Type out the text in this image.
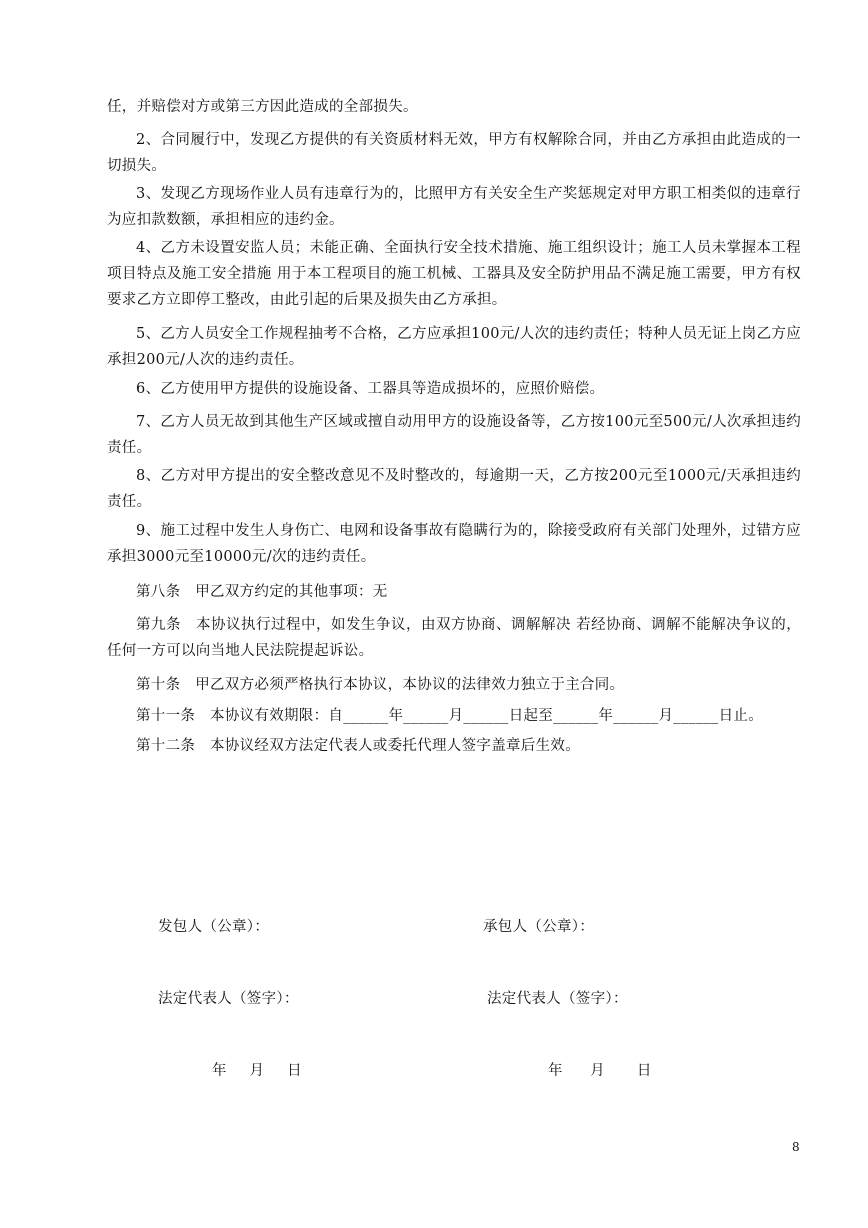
任，并赔偿对方或第三方因此造成的全部损失。

2、合同履行中，发现乙方提供的有关资质材料无效，甲方有权解除合同，并由乙方承担由此造成的一切损失。

3、发现乙方现场作业人员有违章行为的，比照甲方有关安全生产奖惩规定对甲方职工相类似的违章行为应扣款数额，承担相应的违约金。

4、乙方未设置安监人员；未能正确、全面执行安全技术措施、施工组织设计；施工人员未掌握本工程项目特点及施工安全措施 用于本工程项目的施工机械、工器具及安全防护用品不满足施工需要，甲方有权要求乙方立即停工整改，由此引起的后果及损失由乙方承担。

5、乙方人员安全工作规程抽考不合格，乙方应承担100元/人次的违约责任；特种人员无证上岗乙方应承担200元/人次的违约责任。

6、乙方使用甲方提供的设施设备、工器具等造成损坏的，应照价赔偿。

7、乙方人员无故到其他生产区域或擅自动用甲方的设施设备等，乙方按100元至500元/人次承担违约责任。

8、乙方对甲方提出的安全整改意见不及时整改的，每逾期一天，乙方按200元至1000元/天承担违约责任。

9、施工过程中发生人身伤亡、电网和设备事故有隐瞒行为的，除接受政府有关部门处理外，过错方应承担3000元至10000元/次的违约责任。

第八条　甲乙双方约定的其他事项：无

第九条　本协议执行过程中，如发生争议，由双方协商、调解解决 若经协商、调解不能解决争议的，任何一方可以向当地人民法院提起诉讼。

第十条　甲乙双方必须严格执行本协议，本协议的法律效力独立于主合同。

第十一条　本协议有效期限：自______年______月______日起至______年______月______日止。

第十二条　本协议经双方法定代表人或委托代理人签字盖章后生效。

发包人（公章）：	承包人（公章）：
法定代表人（签字）：	法定代表人（签字）：
年     月     日	年      月       日
8
